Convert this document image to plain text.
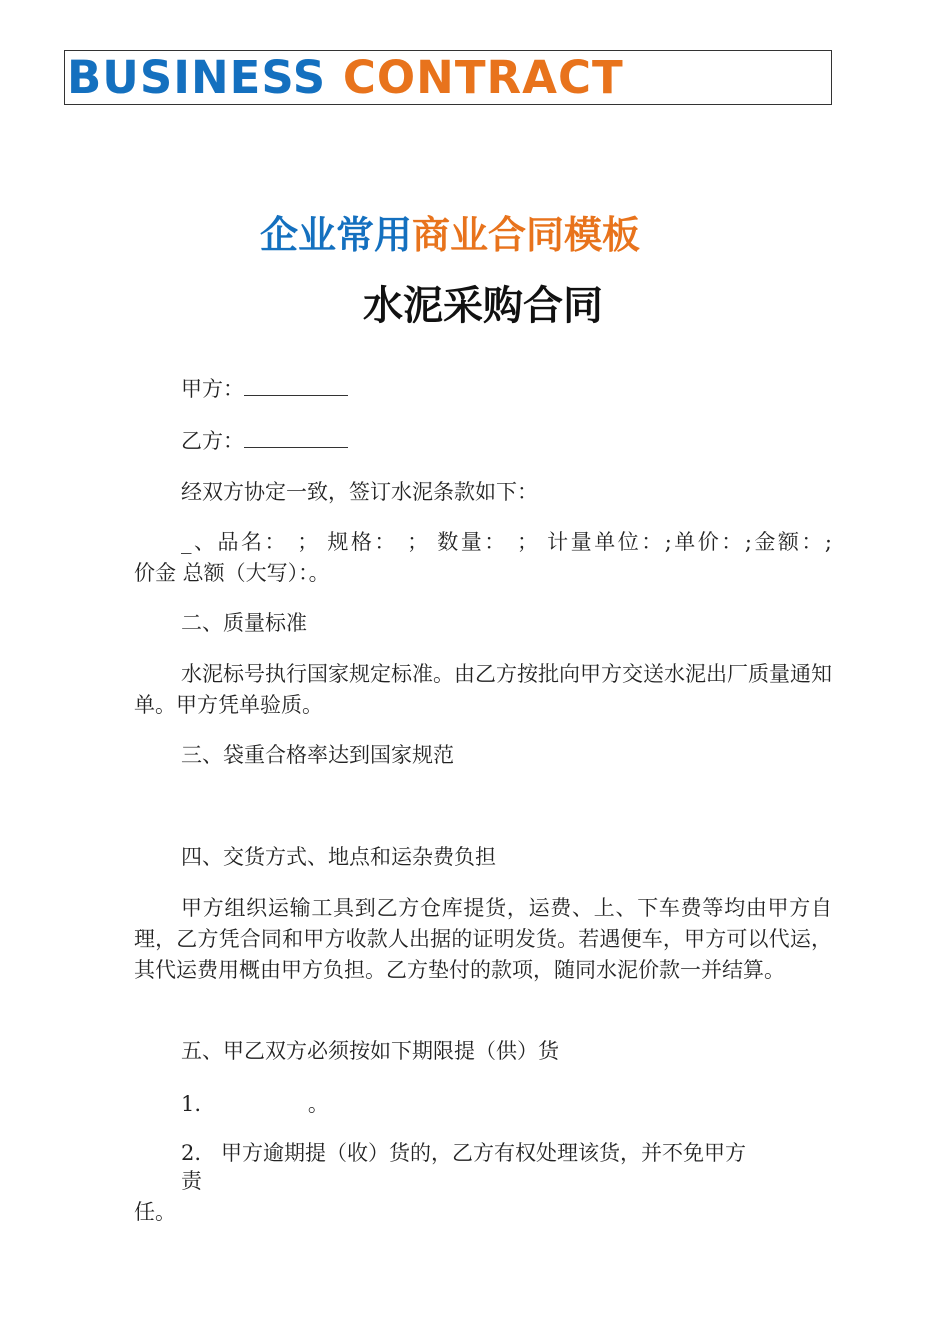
BUSINESS CONTRACT
企业常用商业合同模板
水泥采购合同
甲方：
乙方：
经双方协定一致，签订水泥条款如下：
_、品名： ； 规格： ； 数量： ； 计量单位：;单价：;金额：;
价金 总额（大写）：。
二、质量标准
水泥标号执行国家规定标准。由乙方按批向甲方交送水泥出厂质量通知单。甲方凭单验质。
三、袋重合格率达到国家规范
四、交货方式、地点和运杂费负担
甲方组织运输工具到乙方仓库提货，运费、上、下车费等均由甲方自理，乙方凭合同和甲方收款人出据的证明发货。若遇便车，甲方可以代运，其代运费用概由甲方负担。乙方垫付的款项，随同水泥价款一并结算。
五、甲乙双方必须按如下期限提（供）货
1.                。
2.   甲方逾期提（收）货的，乙方有权处理该货，并不免甲方
责
任。
